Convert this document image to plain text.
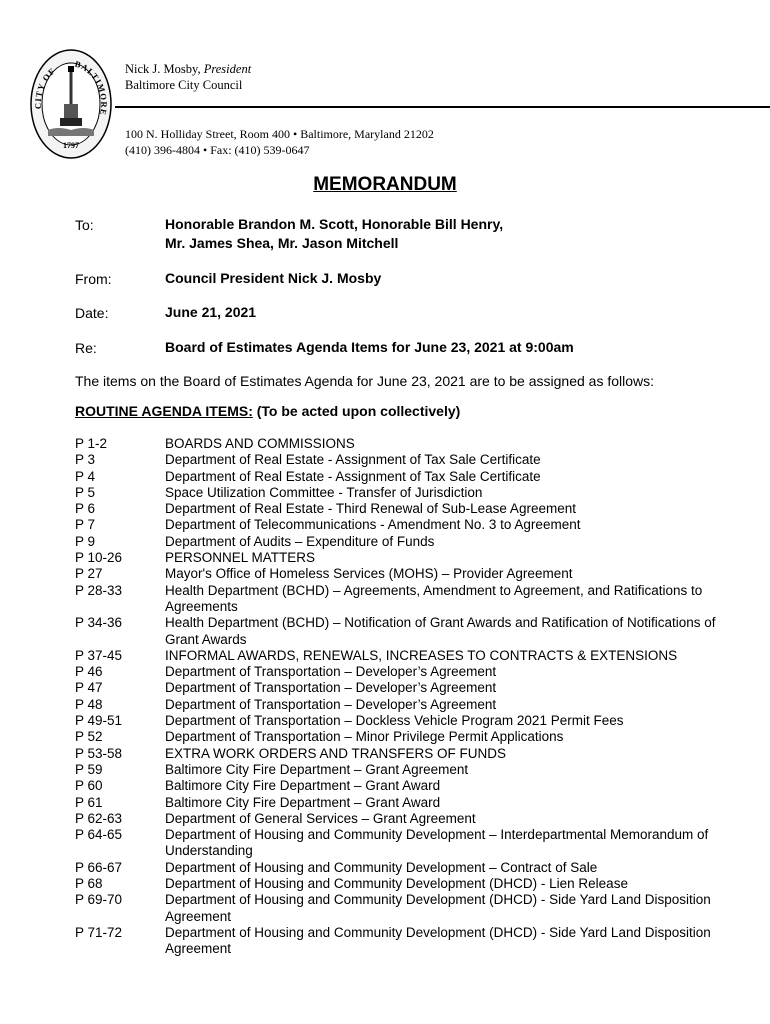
CITY OF
BALTIMORE
1797
Nick J. Mosby, President
Baltimore City Council
100 N. Holliday Street, Room 400 • Baltimore, Maryland 21202
(410) 396-4804 • Fax: (410) 539-0647
MEMORANDUM
To:	Honorable Brandon M. Scott, Honorable Bill Henry,
Mr. James Shea, Mr. Jason Mitchell
From:	Council President Nick J. Mosby
Date:	June 21, 2021
Re:	Board of Estimates Agenda Items for June 23, 2021 at 9:00am
The items on the Board of Estimates Agenda for June 23, 2021 are to be assigned as follows:
ROUTINE AGENDA ITEMS: (To be acted upon collectively)
P 1-2	BOARDS AND COMMISSIONS
P 3	Department of Real Estate - Assignment of Tax Sale Certificate
P 4	Department of Real Estate - Assignment of Tax Sale Certificate
P 5	Space Utilization Committee - Transfer of Jurisdiction
P 6	Department of Real Estate - Third Renewal of Sub-Lease Agreement
P 7	Department of Telecommunications - Amendment No. 3 to Agreement
P 9	Department of Audits – Expenditure of Funds
P 10-26	PERSONNEL MATTERS
P 27	Mayor's Office of Homeless Services (MOHS) – Provider Agreement
P 28-33	Health Department (BCHD) – Agreements, Amendment to Agreement, and Ratifications to Agreements
P 34-36	Health Department (BCHD) – Notification of Grant Awards and Ratification of Notifications of Grant Awards
P 37-45	INFORMAL AWARDS, RENEWALS, INCREASES TO CONTRACTS & EXTENSIONS
P 46	Department of Transportation – Developer’s Agreement
P 47	Department of Transportation – Developer’s Agreement
P 48	Department of Transportation – Developer’s Agreement
P 49-51	Department of Transportation – Dockless Vehicle Program 2021 Permit Fees
P 52	Department of Transportation – Minor Privilege Permit Applications
P 53-58	EXTRA WORK ORDERS AND TRANSFERS OF FUNDS
P 59	Baltimore City Fire Department – Grant Agreement
P 60	Baltimore City Fire Department – Grant Award
P 61	Baltimore City Fire Department – Grant Award
P 62-63	Department of General Services – Grant Agreement
P 64-65	Department of Housing and Community Development – Interdepartmental Memorandum of Understanding
P 66-67	Department of Housing and Community Development – Contract of Sale
P 68	Department of Housing and Community Development (DHCD) - Lien Release
P 69-70	Department of Housing and Community Development (DHCD) - Side Yard Land Disposition Agreement
P 71-72	Department of Housing and Community Development (DHCD) - Side Yard Land Disposition Agreement
